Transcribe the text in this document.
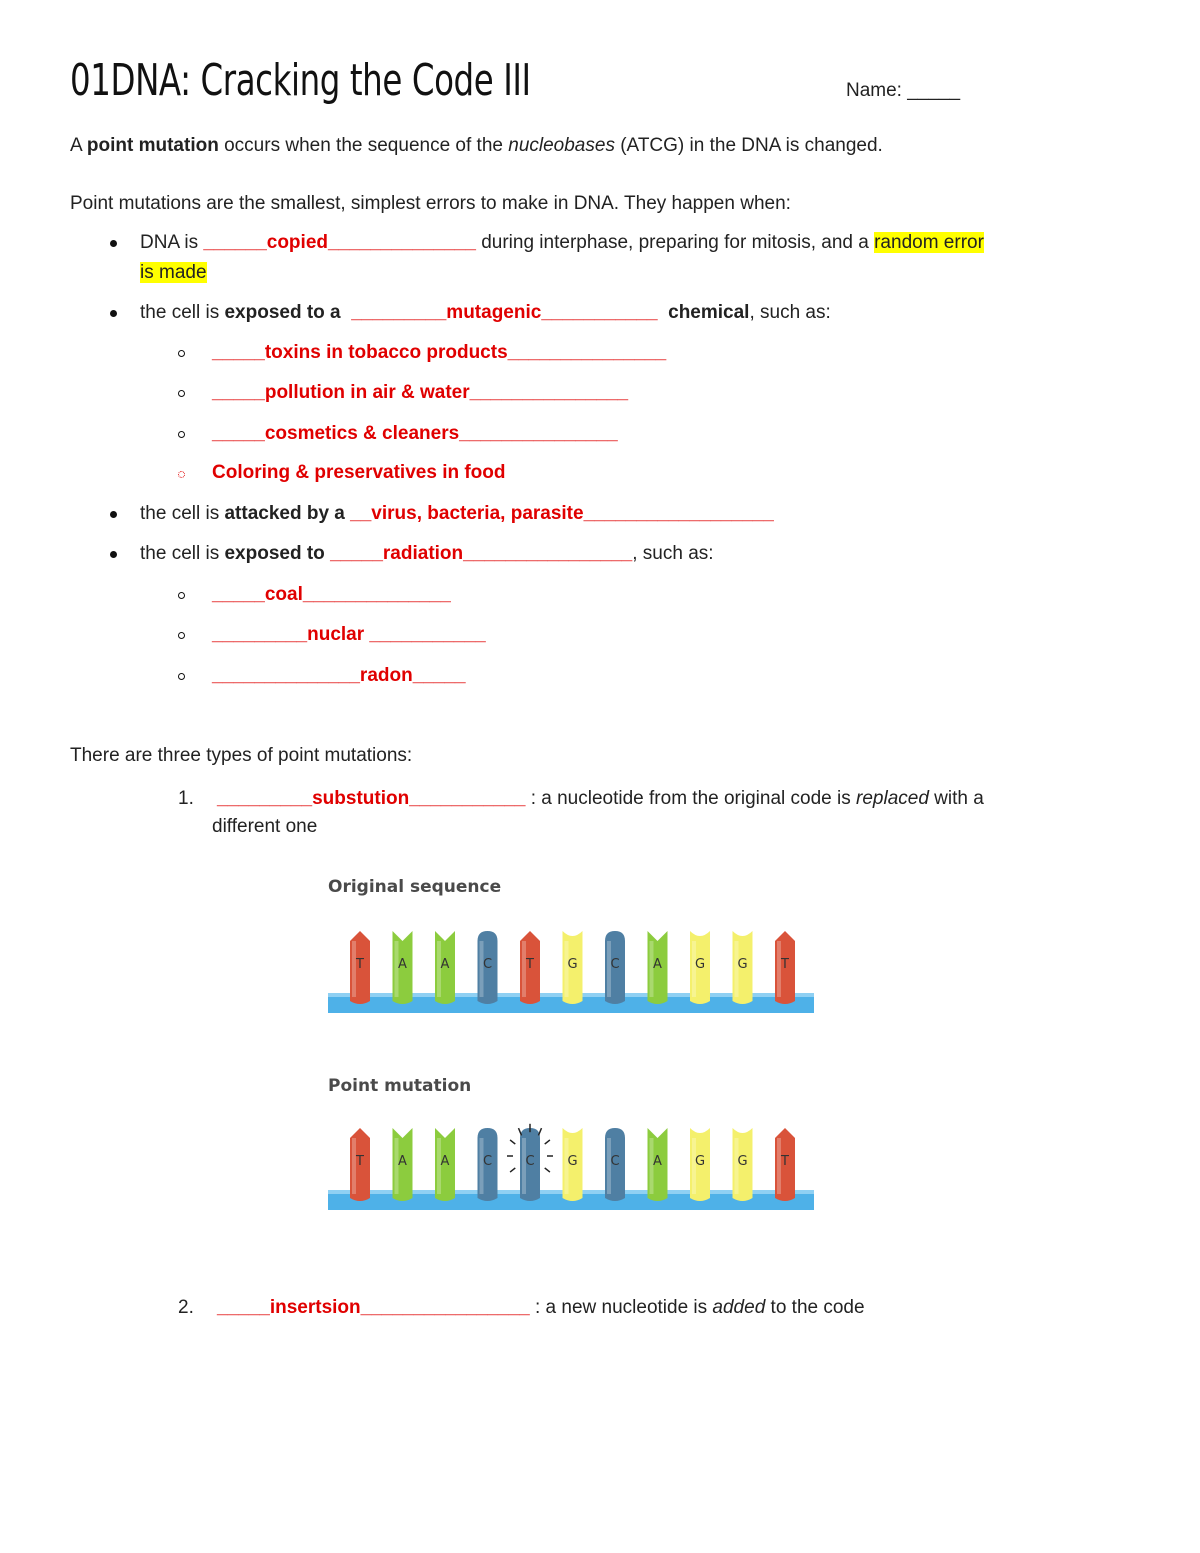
01DNA: Cracking the Code III	Name: _____
A point mutation occurs when the sequence of the nucleobases (ATCG) in the DNA is changed.
Point mutations are the smallest, simplest errors to make in DNA. They happen when:
DNA is ______copied______________ during interphase, preparing for mitosis, and a random error
is made
the cell is exposed to a _________mutagenic___________ chemical, such as:
_____toxins in tobacco products_______________
_____pollution in air & water_______________
_____cosmetics & cleaners_______________
Coloring & preservatives in food
the cell is attacked by a __virus, bacteria, parasite__________________
the cell is exposed to _____radiation________________, such as:
_____coal______________
_________nuclar ___________
______________radon_____
There are three types of point mutations:
1. _________substution___________ : a nucleotide from the original code is replaced with a
different one
Original sequence
T	A	A	C	T	G	C	A	G G	T
Point mutation
T	A	A	C	C	G	C	A	G G	T
2. _____insertsion________________ : a new nucleotide is added to the code
